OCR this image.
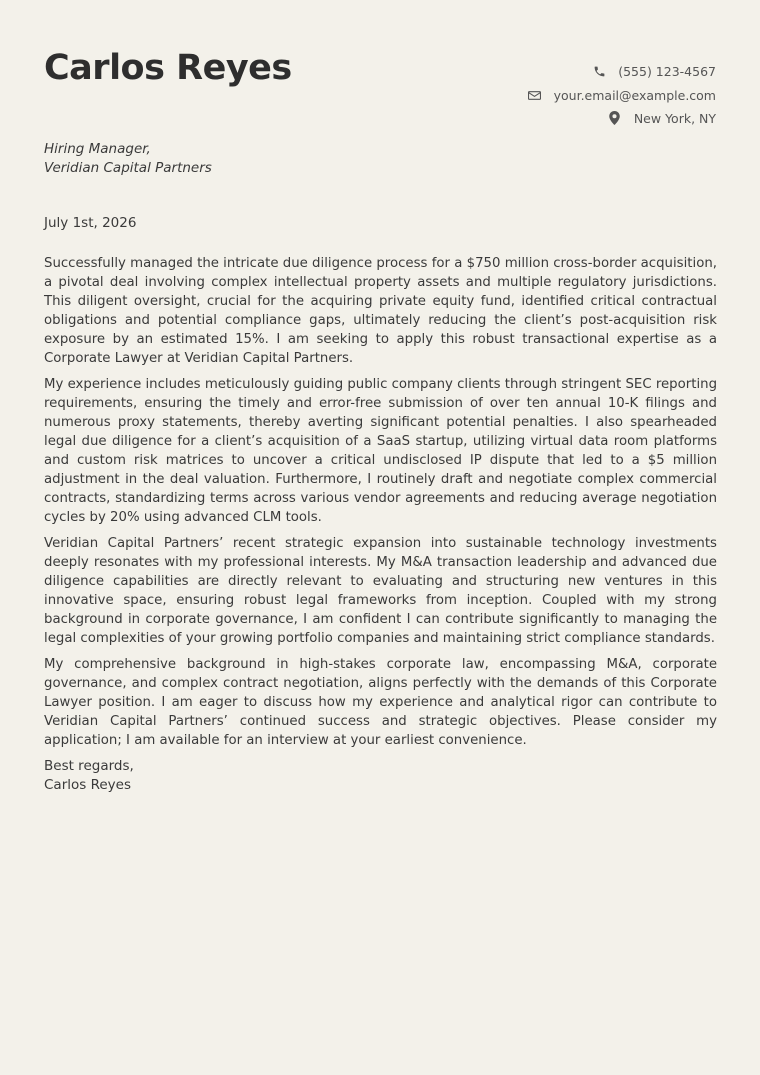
Carlos Reyes	(555) 123-4567
your.email@example.com
New York, NY
Hiring Manager,
Veridian Capital Partners
July 1st, 2026

Successfully managed the intricate due diligence process for a $750 million cross-border acquisition, a pivotal deal involving complex intellectual property assets and multiple regulatory jurisdictions. This diligent oversight, crucial for the acquiring private equity fund, identified critical contractual obligations and potential compliance gaps, ultimately reducing the client’s post-acquisition risk exposure by an estimated 15%. I am seeking to apply this robust transactional expertise as a Corporate Lawyer at Veridian Capital Partners.

My experience includes meticulously guiding public company clients through stringent SEC reporting requirements, ensuring the timely and error-free submission of over ten annual 10-K filings and numerous proxy statements, thereby averting significant potential penalties. I also spearheaded legal due diligence for a client’s acquisition of a SaaS startup, utilizing virtual data room platforms and custom risk matrices to uncover a critical undisclosed IP dispute that led to a $5 million adjustment in the deal valuation. Furthermore, I routinely draft and negotiate complex commercial contracts, standardizing terms across various vendor agreements and reducing average negotiation cycles by 20% using advanced CLM tools.

Veridian Capital Partners’ recent strategic expansion into sustainable technology investments deeply resonates with my professional interests. My M&A transaction leadership and advanced due diligence capabilities are directly relevant to evaluating and structuring new ventures in this innovative space, ensuring robust legal frameworks from inception. Coupled with my strong background in corporate governance, I am confident I can contribute significantly to managing the legal complexities of your growing portfolio companies and maintaining strict compliance standards.

My comprehensive background in high-stakes corporate law, encompassing M&A, corporate governance, and complex contract negotiation, aligns perfectly with the demands of this Corporate Lawyer position. I am eager to discuss how my experience and analytical rigor can contribute to Veridian Capital Partners’ continued success and strategic objectives. Please consider my application; I am available for an interview at your earliest convenience.

Best regards,
Carlos Reyes
